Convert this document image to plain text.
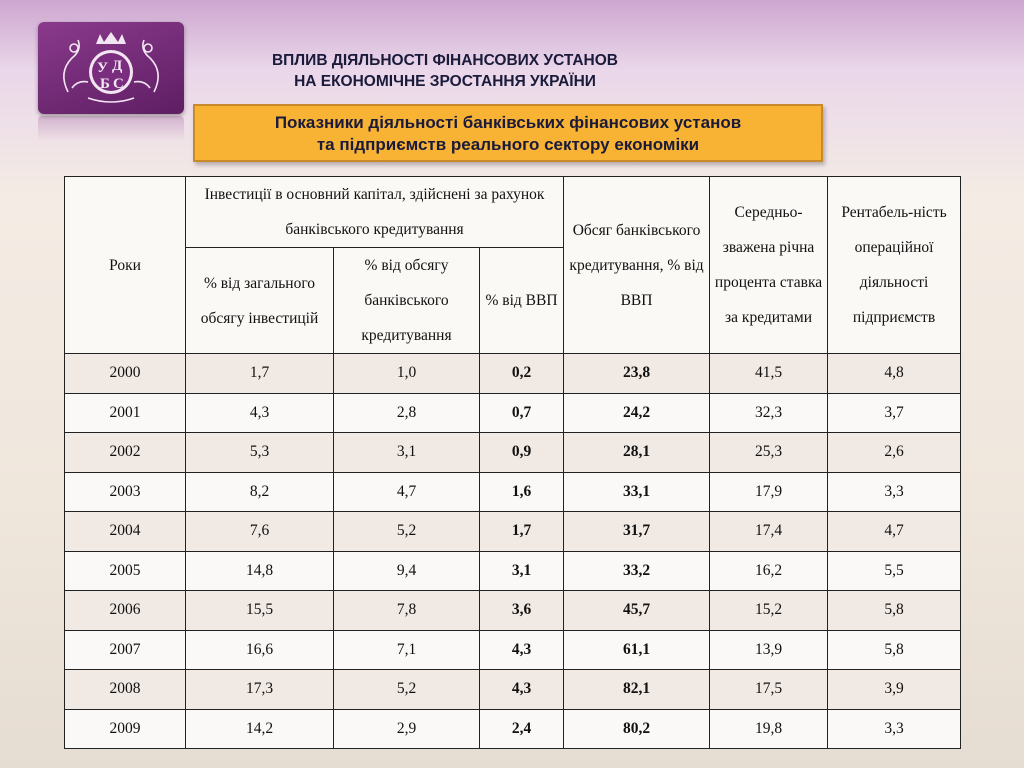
У Д
Б С
ВПЛИВ ДІЯЛЬНОСТІ ФІНАНСОВИХ УСТАНОВ
НА ЕКОНОМІЧНЕ ЗРОСТАННЯ УКРАЇНИ
Показники діяльності банківських фінансових установ
та підприємств реального сектору економіки
Роки	Інвестиції в основний капітал, здійснені за рахунок банківського кредитування			Обсяг банківського кредитування, % від ВВП	Середньо-зважена річна процента ставка за кредитами	Рентабель-ність операційної діяльності підприємств
	% від загального обсягу інвестицій	% від обсягу банківського кредитування	% від ВВП			
2000	1,7	1,0	0,2	23,8	41,5	4,8
2001	4,3	2,8	0,7	24,2	32,3	3,7
2002	5,3	3,1	0,9	28,1	25,3	2,6
2003	8,2	4,7	1,6	33,1	17,9	3,3
2004	7,6	5,2	1,7	31,7	17,4	4,7
2005	14,8	9,4	3,1	33,2	16,2	5,5
2006	15,5	7,8	3,6	45,7	15,2	5,8
2007	16,6	7,1	4,3	61,1	13,9	5,8
2008	17,3	5,2	4,3	82,1	17,5	3,9
2009	14,2	2,9	2,4	80,2	19,8	3,3
